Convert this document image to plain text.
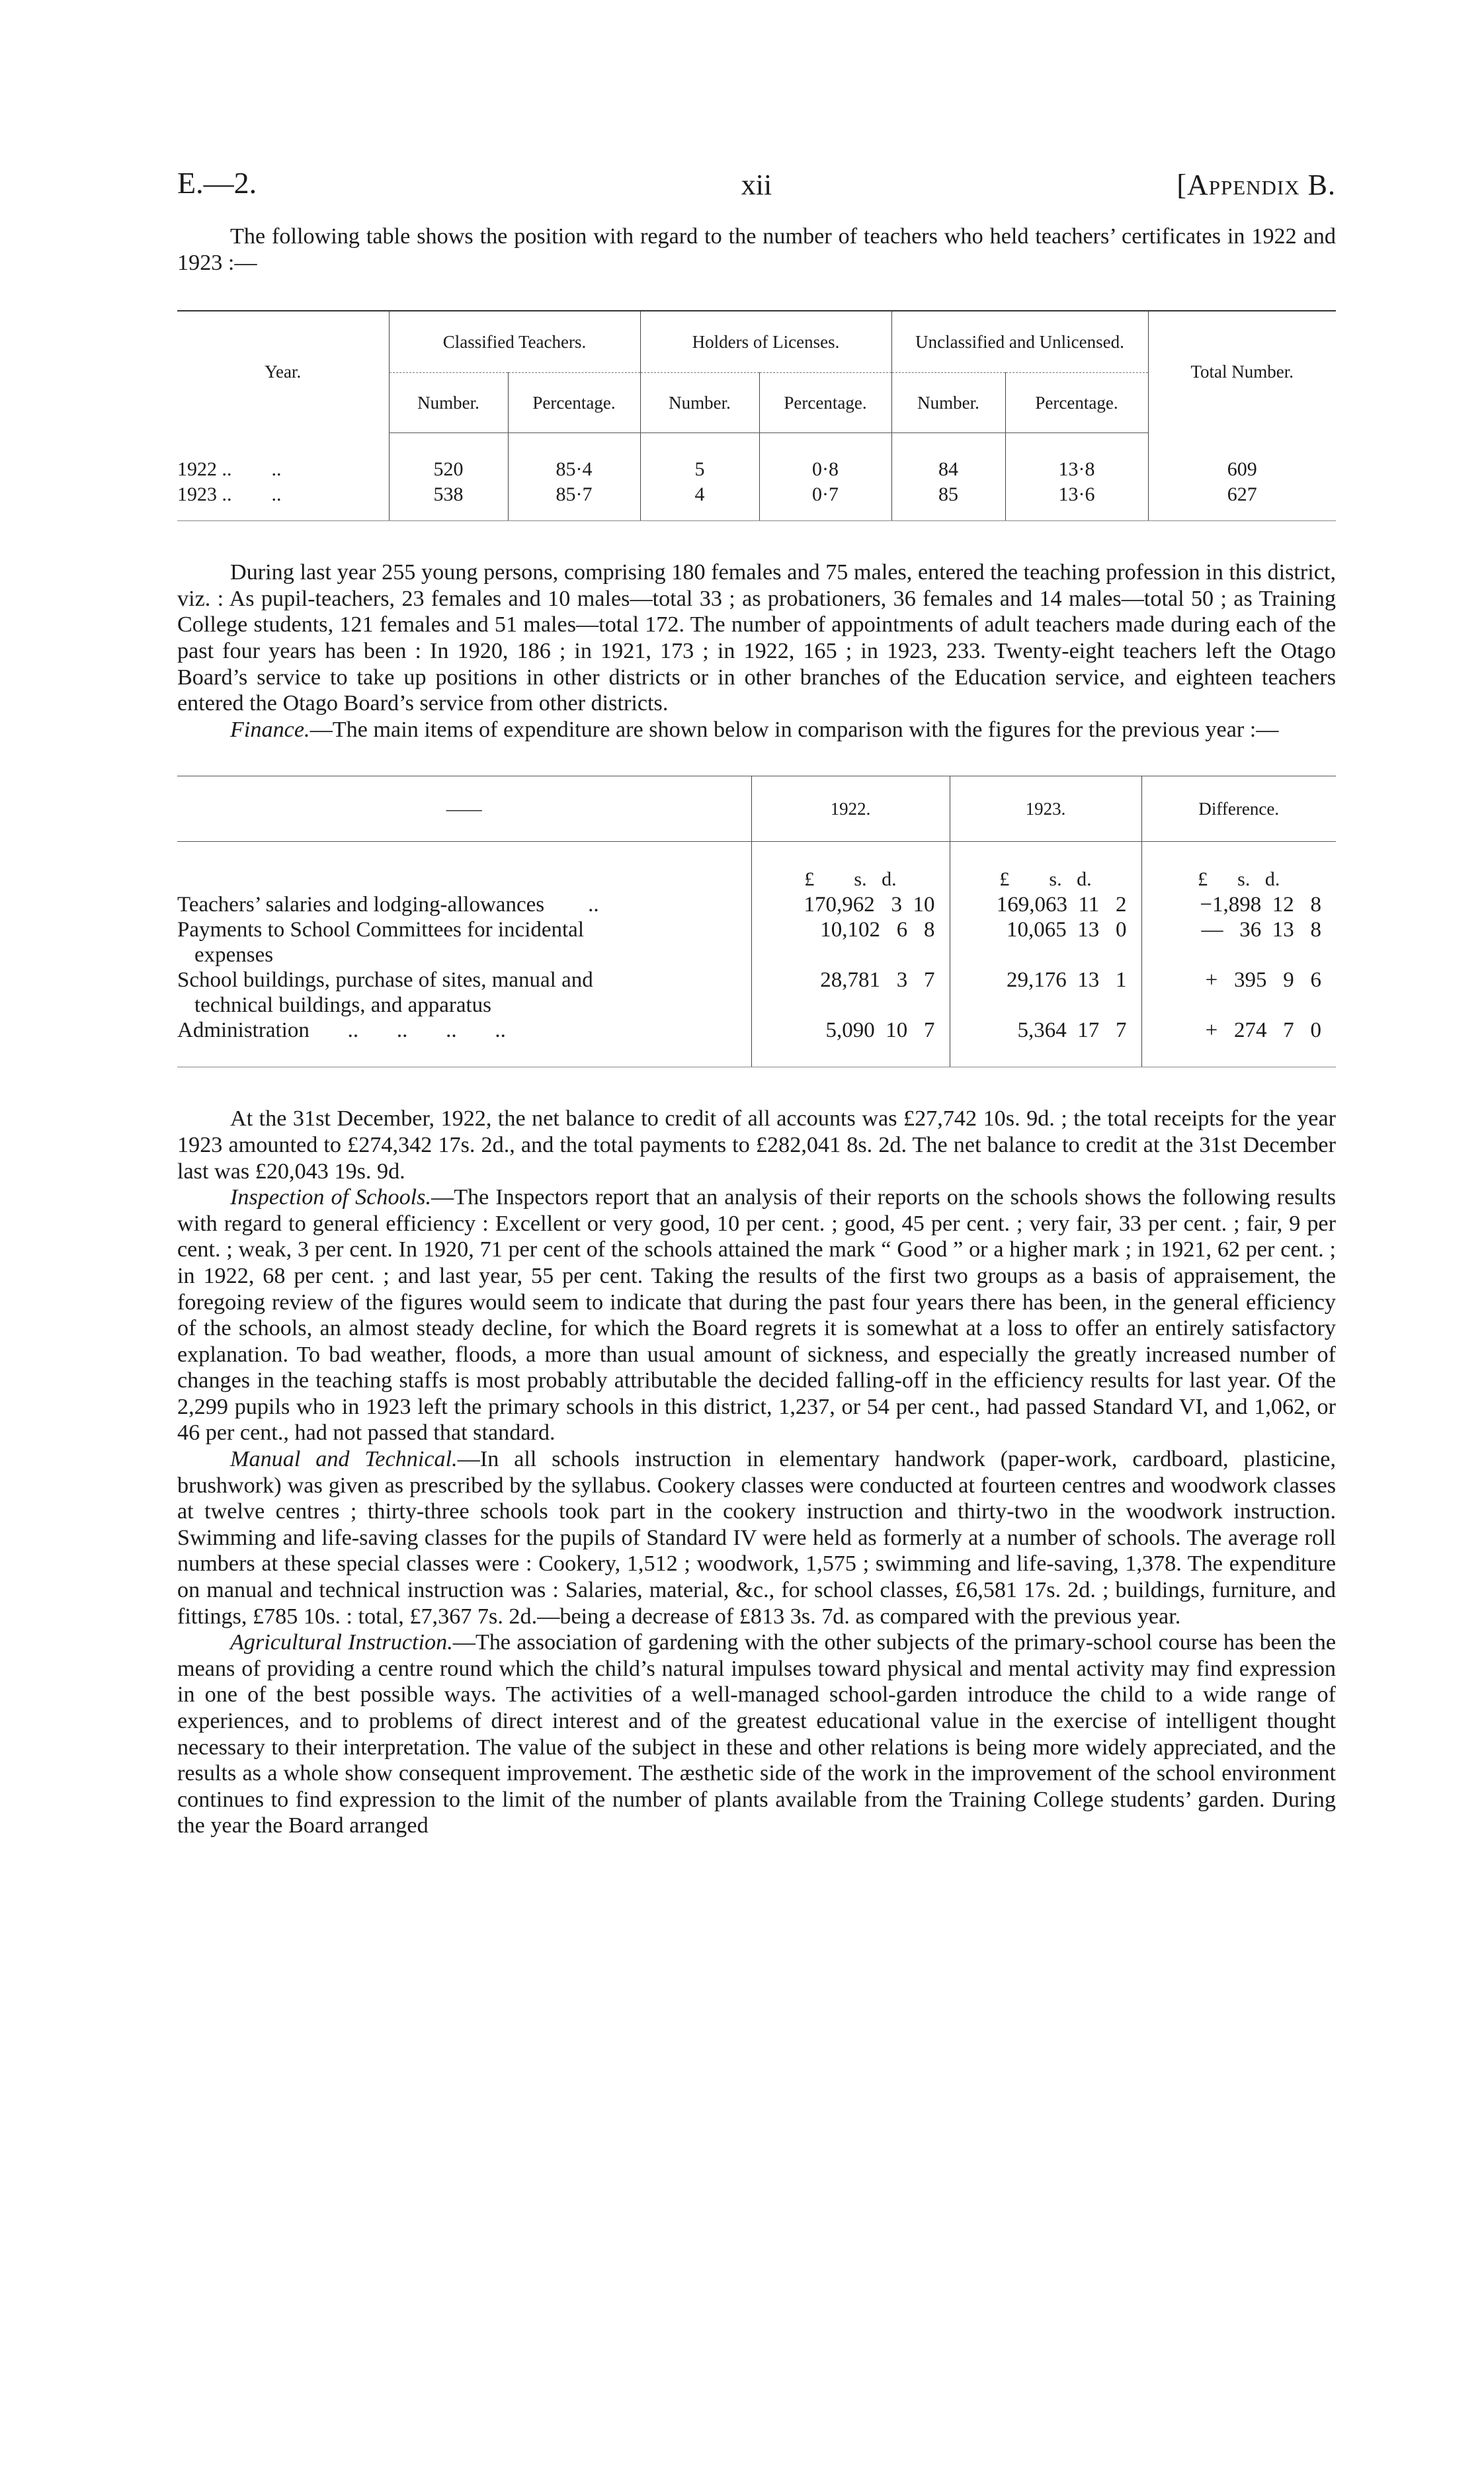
E.—2.	xii	[Appendix B.

The following table shows the position with regard to the number of teachers who held teachers’ certificates in 1922 and 1923 :—

Year.	Classified Teachers.		Holders of Licenses.		Unclassified and Unlicensed.		Total Number.
	Number.	Percentage.	Number.	Percentage.	Number.	Percentage.	
1922 ..        ..	520	85·4	5	0·8	84	13·8	609
1923 ..        ..	538	85·7	4	0·7	85	13·6	627

During last year 255 young persons, comprising 180 females and 75 males, entered the teaching profession in this district, viz. : As pupil-teachers, 23 females and 10 males—total 33 ; as probationers, 36 females and 14 males—total 50 ; as Training College students, 121 females and 51 males—total 172. The number of appointments of adult teachers made during each of the past four years has been : In 1920, 186 ; in 1921, 173 ; in 1922, 165 ; in 1923, 233. Twenty-eight teachers left the Otago Board’s service to take up positions in other districts or in other branches of the Education service, and eighteen teachers entered the Otago Board’s service from other districts.

Finance.—The main items of expenditure are shown below in comparison with the figures for the previous year :—

——	1922.	1923.	Difference.
	£        s.   d.	£        s.   d.	£      s.   d.
Teachers’ salaries and lodging-allowances        ..	170,962   3  10	169,063  11   2	−1,898  12   8
Payments to School Committees for incidental
expenses	10,102   6   8	10,065  13   0	— 36  13   8
School buildings, purchase of sites, manual and
technical buildings, and apparatus	28,781   3   7	29,176  13   1	+ 395   9   6
Administration       ..       ..       ..       ..	5,090  10   7	5,364  17   7	+ 274   7   0

At the 31st December, 1922, the net balance to credit of all accounts was £27,742 10s. 9d. ; the total receipts for the year 1923 amounted to £274,342 17s. 2d., and the total payments to £282,041 8s. 2d. The net balance to credit at the 31st December last was £20,043 19s. 9d.

Inspection of Schools.—The Inspectors report that an analysis of their reports on the schools shows the following results with regard to general efficiency : Excellent or very good, 10 per cent. ; good, 45 per cent. ; very fair, 33 per cent. ; fair, 9 per cent. ; weak, 3 per cent. In 1920, 71 per cent of the schools attained the mark “ Good ” or a higher mark ; in 1921, 62 per cent. ; in 1922, 68 per cent. ; and last year, 55 per cent. Taking the results of the first two groups as a basis of appraisement, the foregoing review of the figures would seem to indicate that during the past four years there has been, in the general efficiency of the schools, an almost steady decline, for which the Board regrets it is somewhat at a loss to offer an entirely satisfactory explanation. To bad weather, floods, a more than usual amount of sickness, and especially the greatly increased number of changes in the teaching staffs is most probably attributable the decided falling-off in the efficiency results for last year. Of the 2,299 pupils who in 1923 left the primary schools in this district, 1,237, or 54 per cent., had passed Standard VI, and 1,062, or 46 per cent., had not passed that standard.

Manual and Technical.—In all schools instruction in elementary handwork (paper-work, cardboard, plasticine, brushwork) was given as prescribed by the syllabus. Cookery classes were conducted at fourteen centres and woodwork classes at twelve centres ; thirty-three schools took part in the cookery instruction and thirty-two in the woodwork instruction. Swimming and life-saving classes for the pupils of Standard IV were held as formerly at a number of schools. The average roll numbers at these special classes were : Cookery, 1,512 ; woodwork, 1,575 ; swimming and life-saving, 1,378. The expenditure on manual and technical instruction was : Salaries, material, &c., for school classes, £6,581 17s. 2d. ; buildings, furniture, and fittings, £785 10s. : total, £7,367 7s. 2d.—being a decrease of £813 3s. 7d. as compared with the previous year.

Agricultural Instruction.—The association of gardening with the other subjects of the primary-school course has been the means of providing a centre round which the child’s natural impulses toward physical and mental activity may find expression in one of the best possible ways. The activities of a well-managed school-garden introduce the child to a wide range of experiences, and to problems of direct interest and of the greatest educational value in the exercise of intelligent thought necessary to their interpretation. The value of the subject in these and other relations is being more widely appreciated, and the results as a whole show consequent improvement. The æsthetic side of the work in the improvement of the school environment continues to find expression to the limit of the number of plants available from the Training College students’ garden. During the year the Board arranged
